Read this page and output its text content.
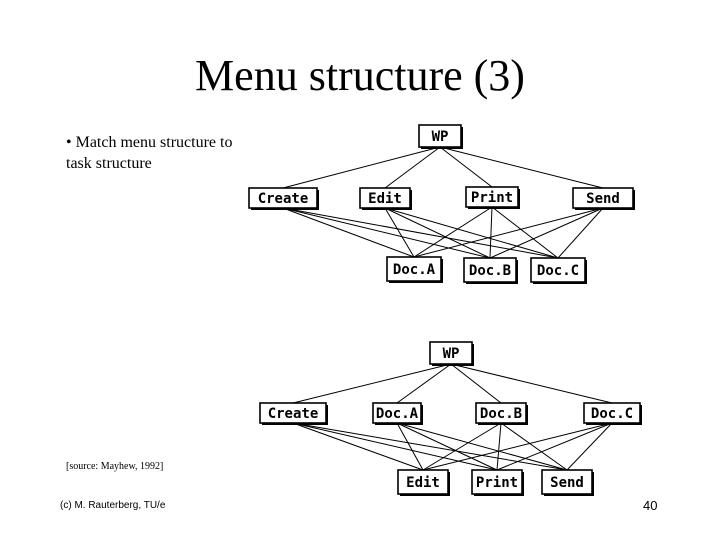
Menu structure (3)
• Match menu structure to task structure
[source: Mayhew, 1992]
(c) M. Rauterberg, TU/e	40
WP
Create	Edit	Print	Send
Doc.A Doc.B Doc.C
WP
Create	Doc.A	Doc.B	Doc.C
Edit	Print Send
